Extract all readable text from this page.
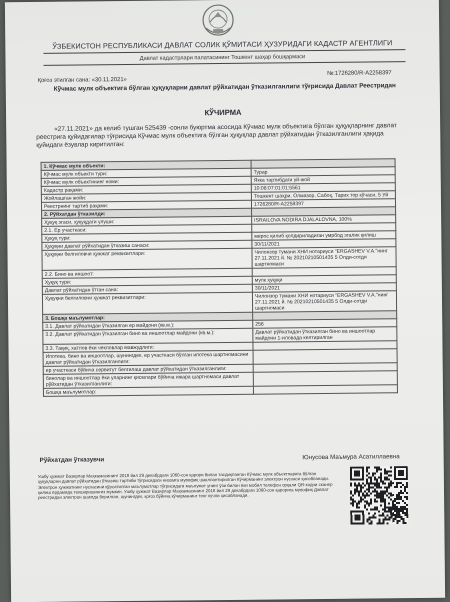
ЎЗБЕКИСТОН РЕСПУБЛИКАСИ ДАВЛАТ СОЛИК ҚЎМИТАСИ ҲУЗУРИДАГИ КАДАСТР АГЕНТЛИГИ
Давлат кадастрлари палатасининг Тошкент шаҳар бошқармаси
Қоғоз этилган сана: «30.11.2021»
№:1726280/R-A2258397
Кўчмас мулк объектига бўлган ҳуқуқларни давлат рўйхатидан ўтказилганлиги тўғрисида Давлат Реестридан
КЎЧИРМА
«27.11.2021» да келиб тушган 525439 -сонли буюртма асосида Кўчмас мулк объектига бўлган ҳуқуқларнинг давлат реестрига қуйидагилар тўғрисида Кўчмас мулк объектига бўлган ҳуқуқлар давлат рўйхатидан ўтказилганлиги ҳақида қуйидаги ёзувлар киритилган:
1. Кўчмас мулк объекти:	
Кўчмас мулк объекти тури:	Турар
Кўчмас мулк объектининг номи:	Яккa тартибдаги уй-жой
Кадастр рақами:	10:08:07:01:01:5561
Жойлашган жойи:	Тошкент шаҳри, Олмазор, Сабоҳ, Тарих тор кўчаси, 5 Уй
Реестрнинг тартиб рақами:	1726280/R-A2258397
2. Рўйхатдан ўтказилди:	
Ҳуқуқ эгаси, ҳуқуқдаги улуши:	ISRAILOVA NODIRA DJALALOVNA, 100%
2.1. Ер участкаси:	
Ҳуқуқ тури:	мерос қилиб қолдириладиган умрбод эгалик қилиш
Ҳуқуқни давлат рўйхатидан ўтказиш санаси:	30/11/2021
Ҳуқуқни белгиловчи ҳужжат реквизитлари:	Чилонзор тумани ХНИ нотариуси "ERGASHEV V.A."нинг 27.11.2021 й. № 20210210501435 5 Олди-сотди шартномаси
2.2. Бино ва иншоот:	
Ҳуқуқ тури:	мулк ҳуқуқи
Давлат рўйхатидан ўтган сана:	30/11/2021
Ҳуқуқни белгиловчи ҳужжат реквизитлари:	Чилонзор тумани ХНИ нотариуси "ERGASHEV V.A."нинг 27.11.2021 й. № 20210210501435 5 Олди-сотди шартномаси
3. Бошқа маълумотлар:	
3.1. Давлат рўйхатидан ўтказилган ер майдони (кв.м.):	256
3.2. Давлат рўйхатидан ўтказилган бино ва иншоотлар майдони (кв.м.):	Давлат рўйхатидан ўтказилган бино ва иншоотлар майдони 1-иловада келтирилган
3.3. Тақиқ, хатлов ёки чекловлар мавжудлиги:	
Ипотека, бино ва иншоотлар, шунингдек, ер участкаси бўлган ипотека шартномасини давлат рўйхатидан ўтказилганлиги:	
ер участкаси бўйича сервитут белгилаш давлат рўйхатидан ўтказилганлиги:	
бинолар ва иншоотлар ёки уларнинг қисмлари бўйича ижара шартномаси давлат рўйхатидан ўтказилганлиги:	
Бошқа маълумотлар:	
Рўйхатдан ўтказувчи	Юнусова Маъмура Асатиллаевна
Ушбу ҳужжат Вазирлар Маҳкамасининг 2018 йил 29 декабрдаги 1060-сон қарори билан тасдиқланган Кўчмас мулк объектларига бўлган ҳуқуқларни давлат рўйхатидан ўтказиш тартиби тўғрисидаги низомга мувофиқ шакллантирилган Кўчирманинг электрон нусхаси ҳисобланади. Электрон ҳужжатнинг нусхасини қўрсатилган маълумотлар тўғрисидаги маълумот унинг ўзи билан ёки мобил телефон орқали QR-кодни сканер қилиш ёрдамида текширишингиз мумкин. Ушбу ҳужжат Вазирлар Маҳкамасининг 2018 йил 29 декабрдаги 1060-сон қарорига мувофиқ Давлат реестридан электрон шаклда берилган, шунингдек, қоғоз бўйича кўчирманинг тенг кучли ҳисобланади.
